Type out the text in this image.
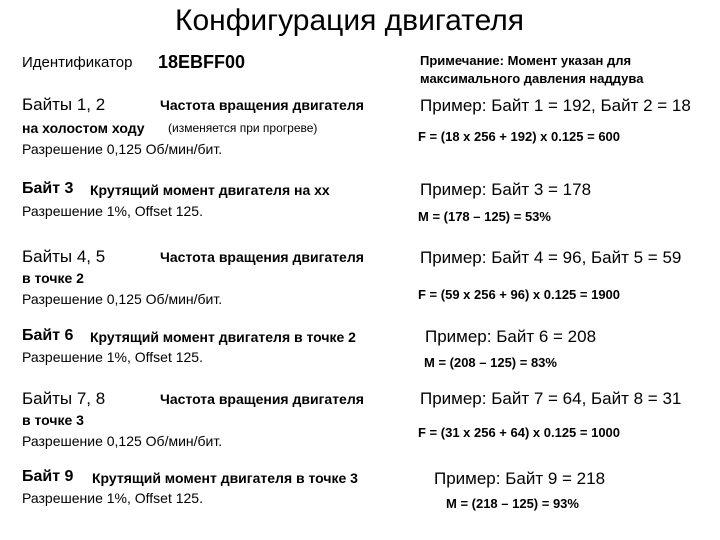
Конфигурация двигателя
Идентификатор 18EBFF00	Примечание: Момент указан для максимального давления наддува
Байты 1, 2	Частота вращения двигателя
на холостом ходу (изменяется при прогреве)
Разрешение 0,125 Об/мин/бит.
Пример: Байт 1 = 192, Байт 2 = 18
F = (18 x 256 + 192) x 0.125 = 600
Байт 3 Крутящий момент двигателя на хх
Разрешение 1%, Offset 125.
Пример: Байт 3 = 178
M = (178 – 125) = 53%
Байты 4, 5	Частота вращения двигателя
в точке 2
Разрешение 0,125 Об/мин/бит.
Пример: Байт 4 = 96, Байт 5 = 59
F = (59 x 256 + 96) x 0.125 = 1900
Байт 6 Крутящий момент двигателя в точке 2
Разрешение 1%, Offset 125.
Пример: Байт 6 = 208
M = (208 – 125) = 83%
Байты 7, 8	Частота вращения двигателя
в точке 3
Разрешение 0,125 Об/мин/бит.
Пример: Байт 7 = 64, Байт 8 = 31
F = (31 x 256 + 64) x 0.125 = 1000
Байт 9 Крутящий момент двигателя в точке 3
Разрешение 1%, Offset 125.
Пример: Байт 9 = 218
M = (218 – 125) = 93%
